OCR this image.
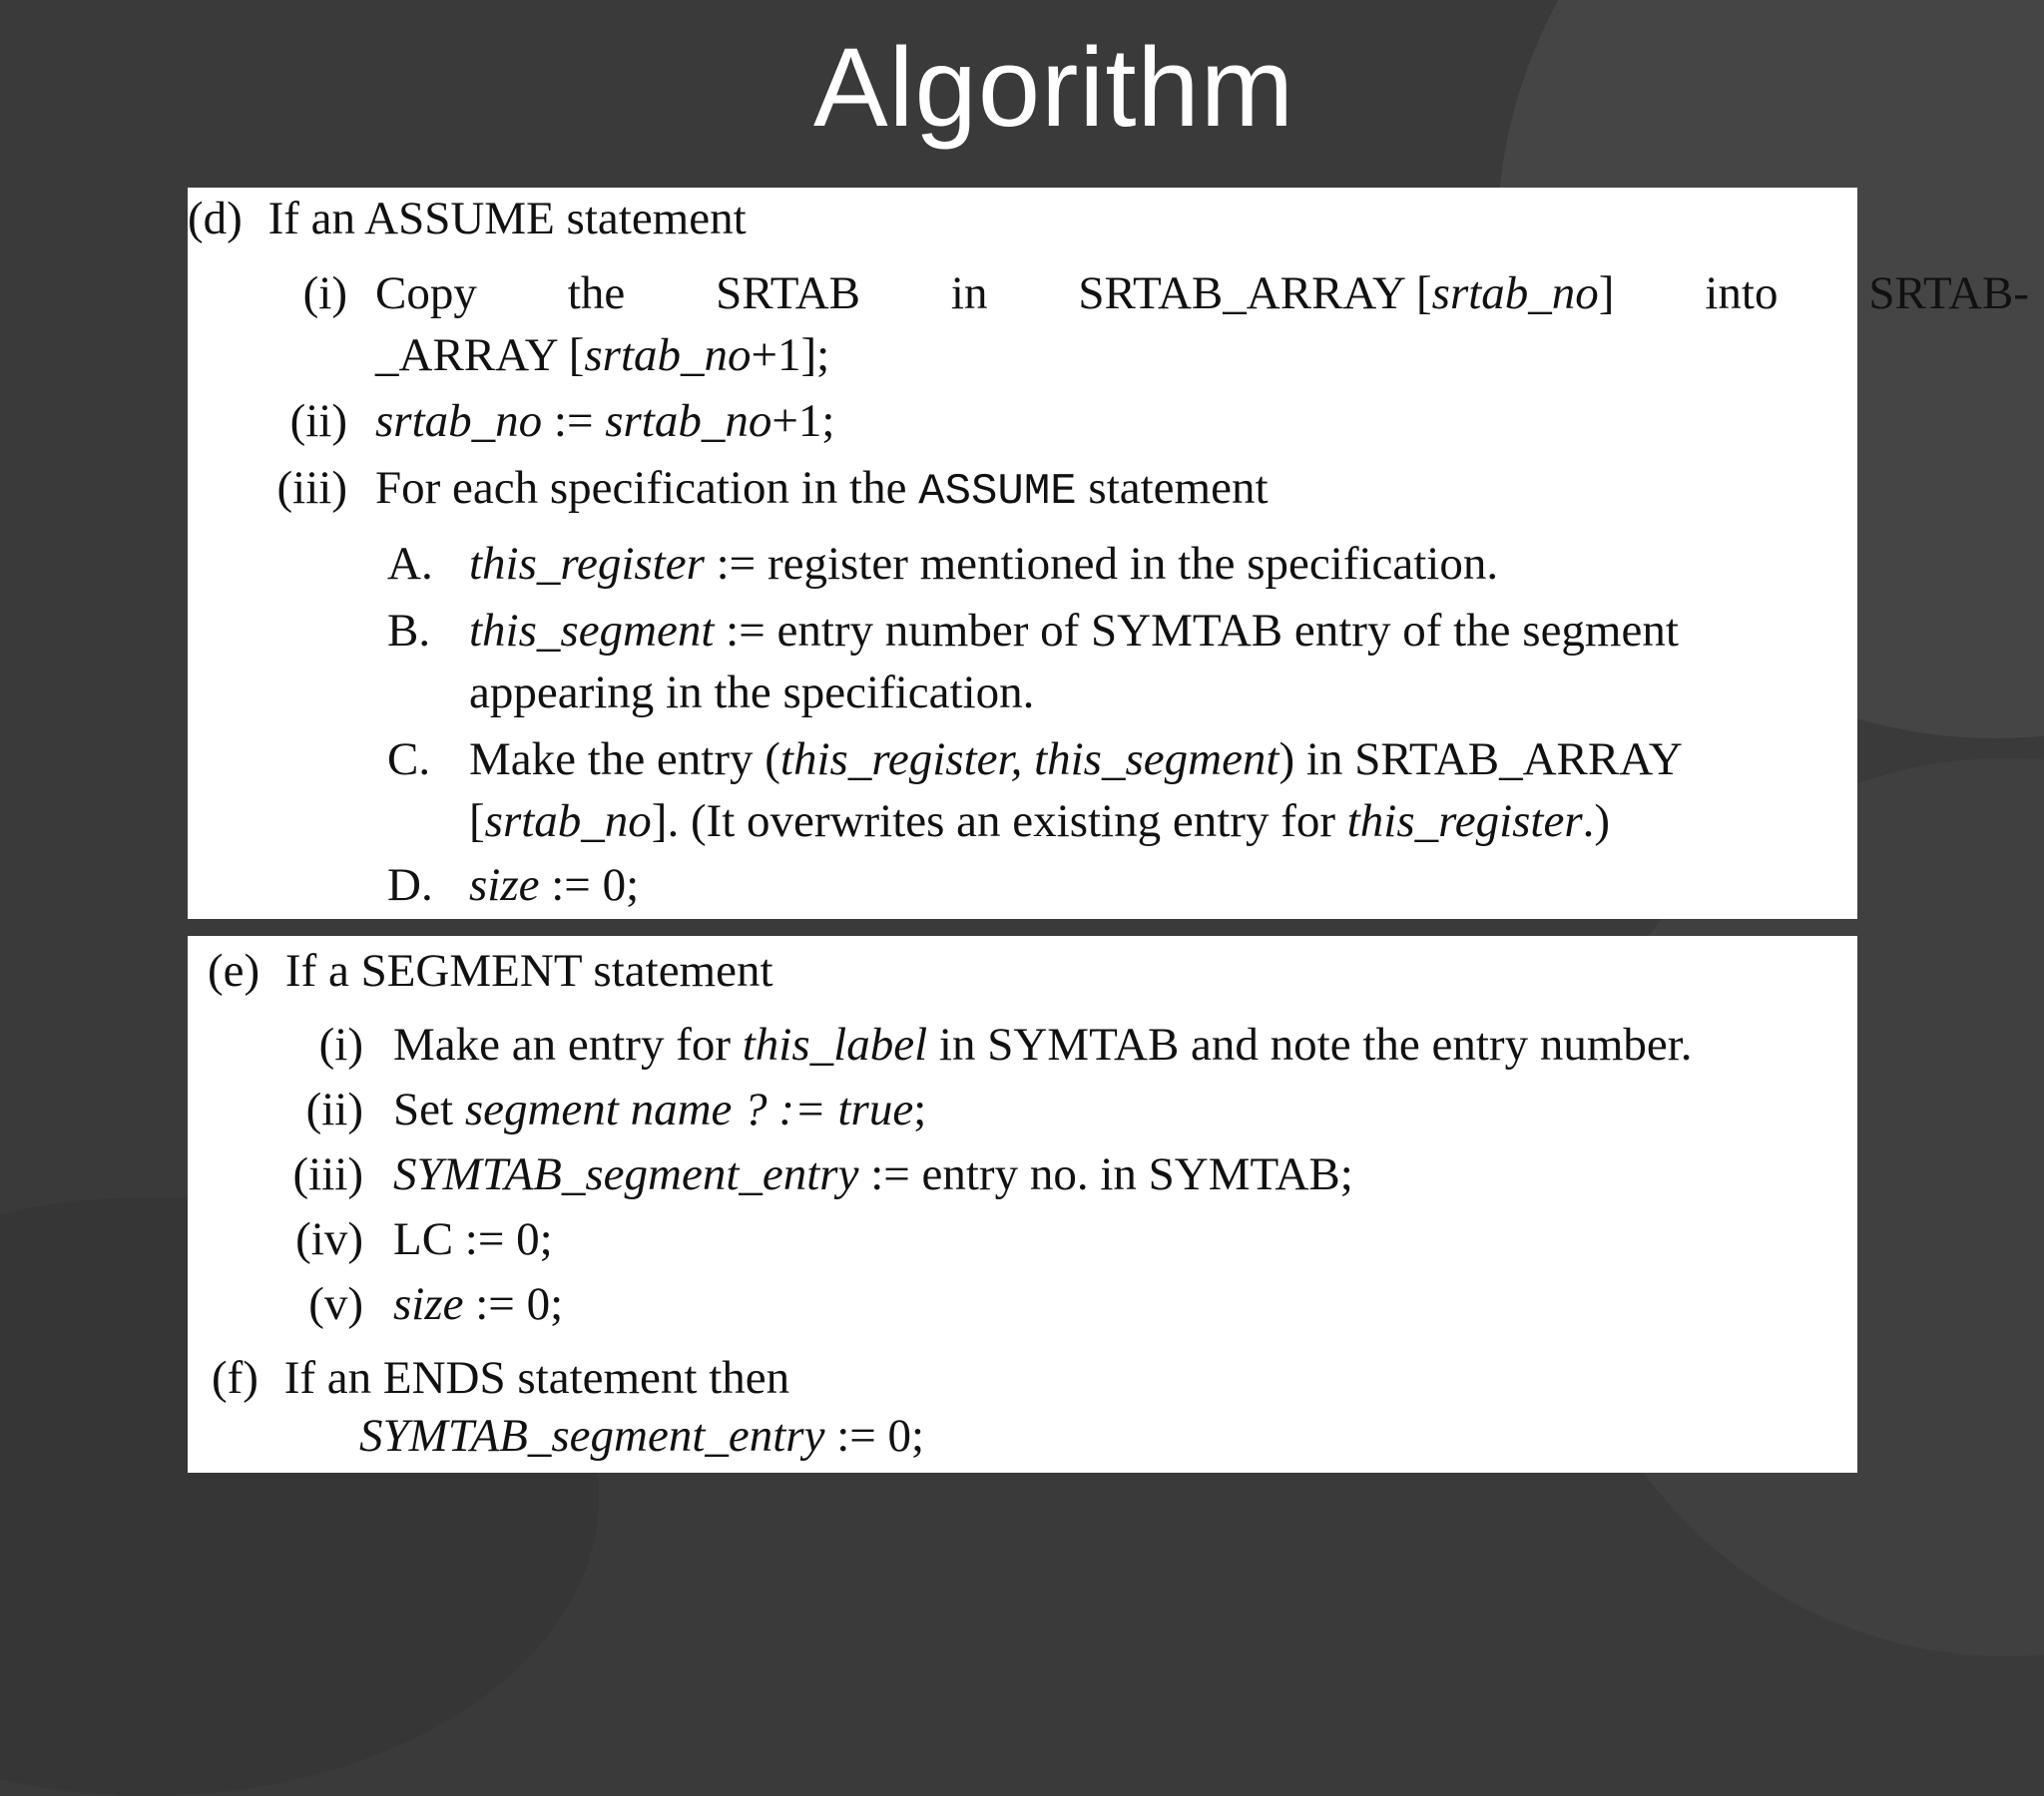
Algorithm
(d) If an ASSUME statement
(i) Copy the SRTAB in SRTAB_ARRAY [srtab_no] into SRTAB-
_ARRAY [srtab_no+1];
(ii) srtab_no := srtab_no+1;
(iii) For each specification in the ASSUME statement
A. this_register := register mentioned in the specification.
B. this_segment := entry number of SYMTAB entry of the segment
appearing in the specification.
C. Make the entry (this_register, this_segment) in SRTAB_ARRAY
[srtab_no]. (It overwrites an existing entry for this_register.)
D. size := 0;
(e) If a SEGMENT statement
(i) Make an entry for this_label in SYMTAB and note the entry number.
(ii) Set segment name ? := true;
(iii) SYMTAB_segment_entry := entry no. in SYMTAB;
(iv) LC := 0;
(v) size := 0;
(f) If an ENDS statement then
SYMTAB_segment_entry := 0;
